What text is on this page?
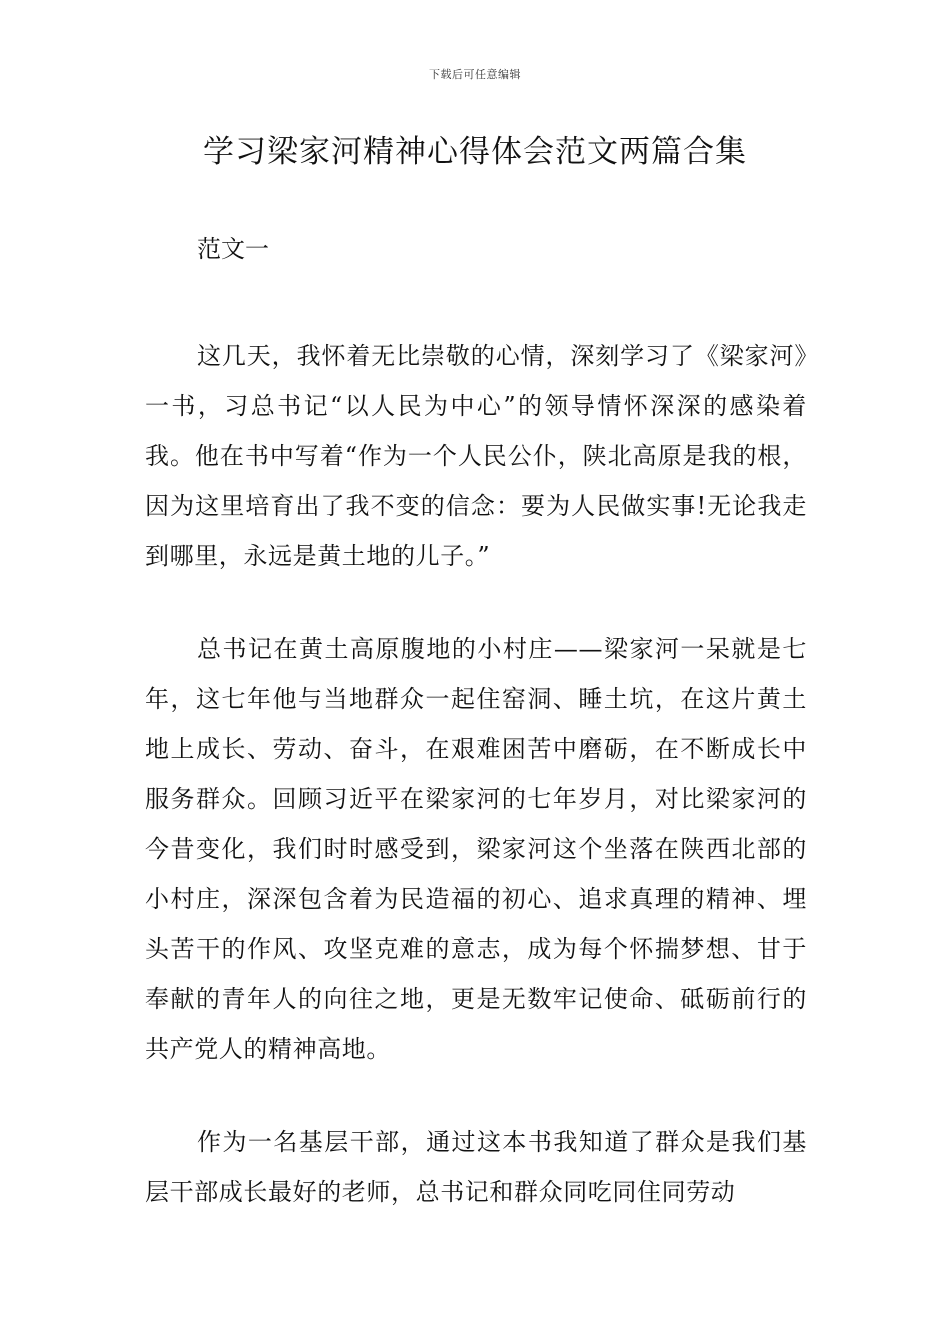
下载后可任意编辑
学习梁家河精神心得体会范文两篇合集

范文一

这几天，我怀着无比崇敬的心情，深刻学习了《梁家河》一书，习总书记“以人民为中心”的领导情怀深深的感染着我。他在书中写着“作为一个人民公仆，陕北高原是我的根，因为这里培育出了我不变的信念：要为人民做实事!无论我走到哪里，永远是黄土地的儿子。”

总书记在黄土高原腹地的小村庄——梁家河一呆就是七年，这七年他与当地群众一起住窑洞、睡土坑，在这片黄土地上成长、劳动、奋斗，在艰难困苦中磨砺，在不断成长中服务群众。回顾习近平在梁家河的七年岁月，对比梁家河的今昔变化，我们时时感受到，梁家河这个坐落在陕西北部的小村庄，深深包含着为民造福的初心、追求真理的精神、埋头苦干的作风、攻坚克难的意志，成为每个怀揣梦想、甘于奉献的青年人的向往之地，更是无数牢记使命、砥砺前行的共产党人的精神高地。

作为一名基层干部，通过这本书我知道了群众是我们基层干部成长最好的老师，总书记和群众同吃同住同劳动
